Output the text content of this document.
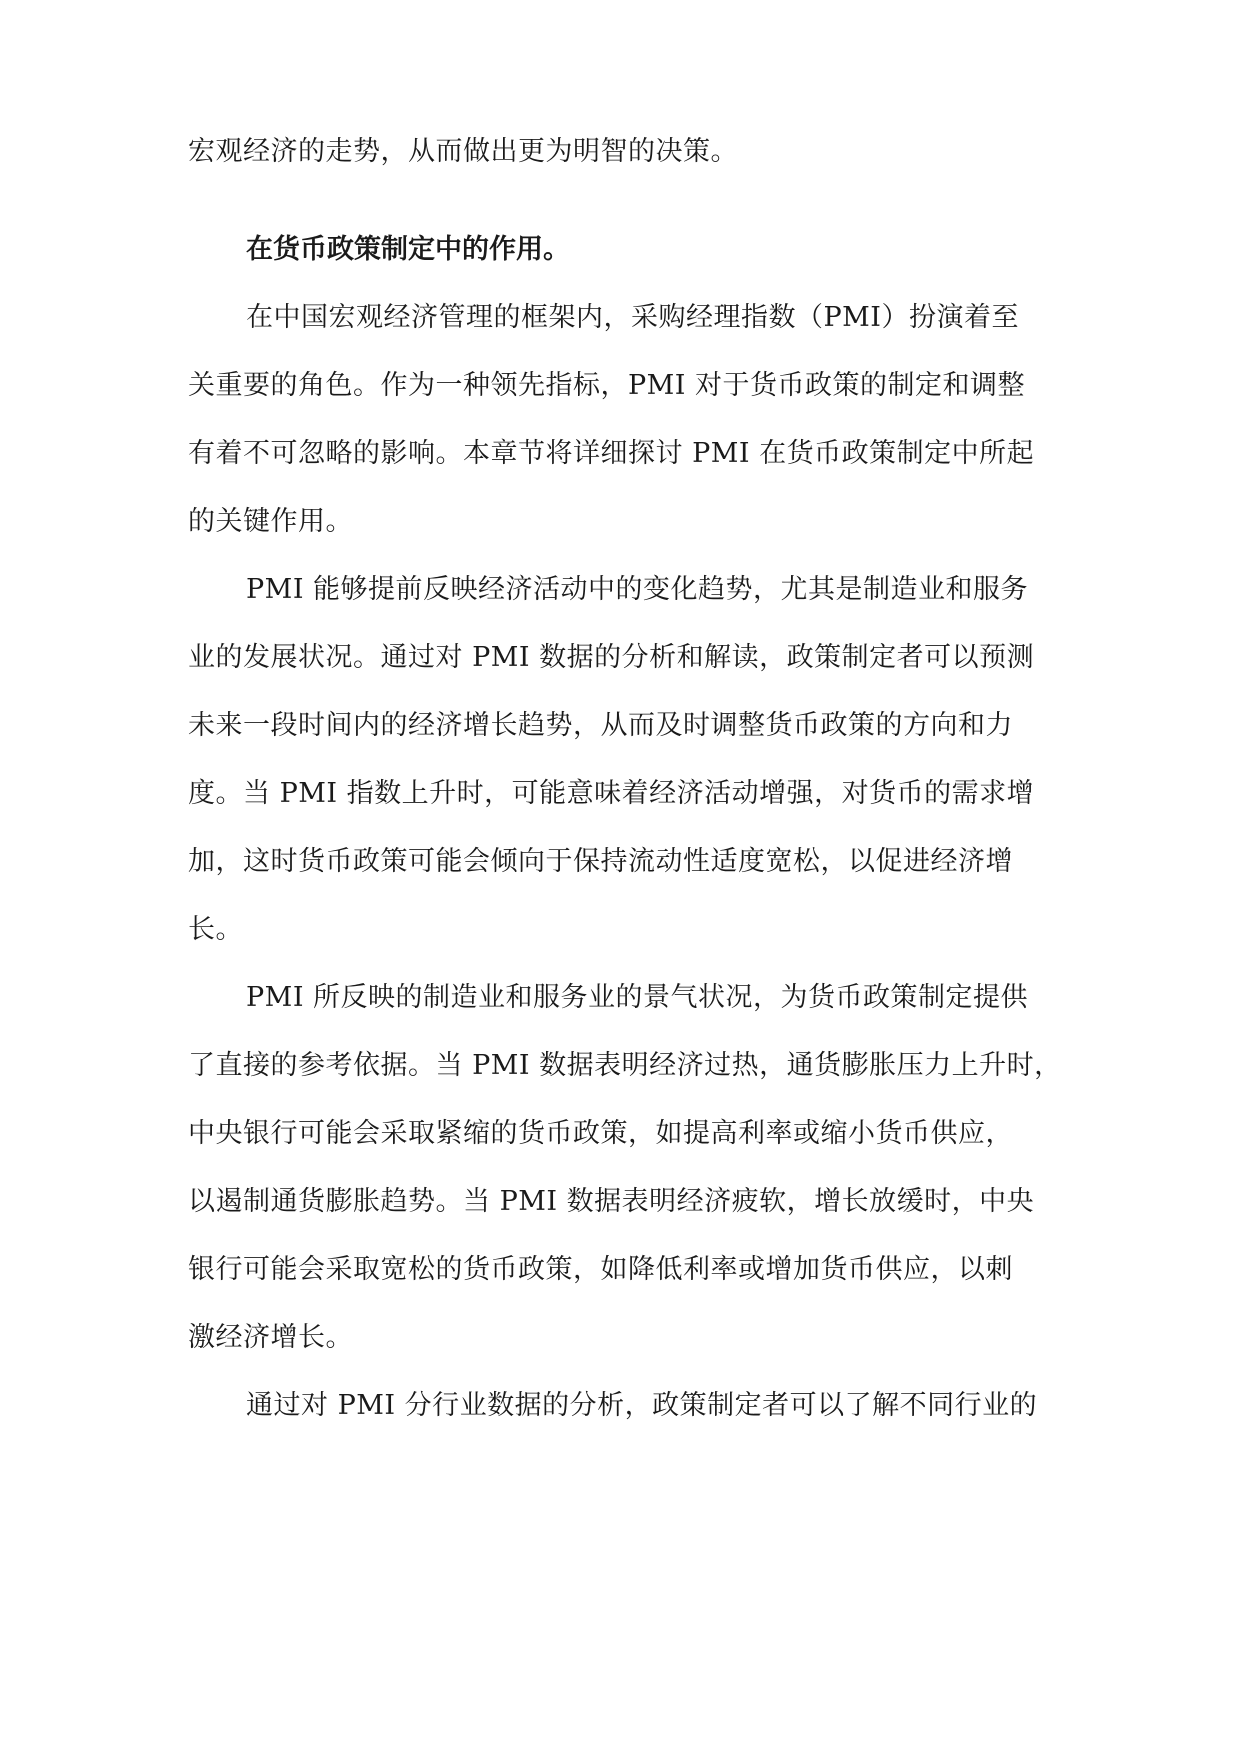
宏观经济的走势，从而做出更为明智的决策。
在货币政策制定中的作用。
在中国宏观经济管理的框架内，采购经理指数（PMI）扮演着至
关重要的角色。作为一种领先指标，PMI 对于货币政策的制定和调整
有着不可忽略的影响。本章节将详细探讨 PMI 在货币政策制定中所起
的关键作用。
PMI 能够提前反映经济活动中的变化趋势，尤其是制造业和服务
业的发展状况。通过对 PMI 数据的分析和解读，政策制定者可以预测
未来一段时间内的经济增长趋势，从而及时调整货币政策的方向和力
度。当 PMI 指数上升时，可能意味着经济活动增强，对货币的需求增
加，这时货币政策可能会倾向于保持流动性适度宽松，以促进经济增
长。
PMI 所反映的制造业和服务业的景气状况，为货币政策制定提供
了直接的参考依据。当 PMI 数据表明经济过热，通货膨胀压力上升时，
中央银行可能会采取紧缩的货币政策，如提高利率或缩小货币供应，
以遏制通货膨胀趋势。当 PMI 数据表明经济疲软，增长放缓时，中央
银行可能会采取宽松的货币政策，如降低利率或增加货币供应，以刺
激经济增长。
通过对 PMI 分行业数据的分析，政策制定者可以了解不同行业的
